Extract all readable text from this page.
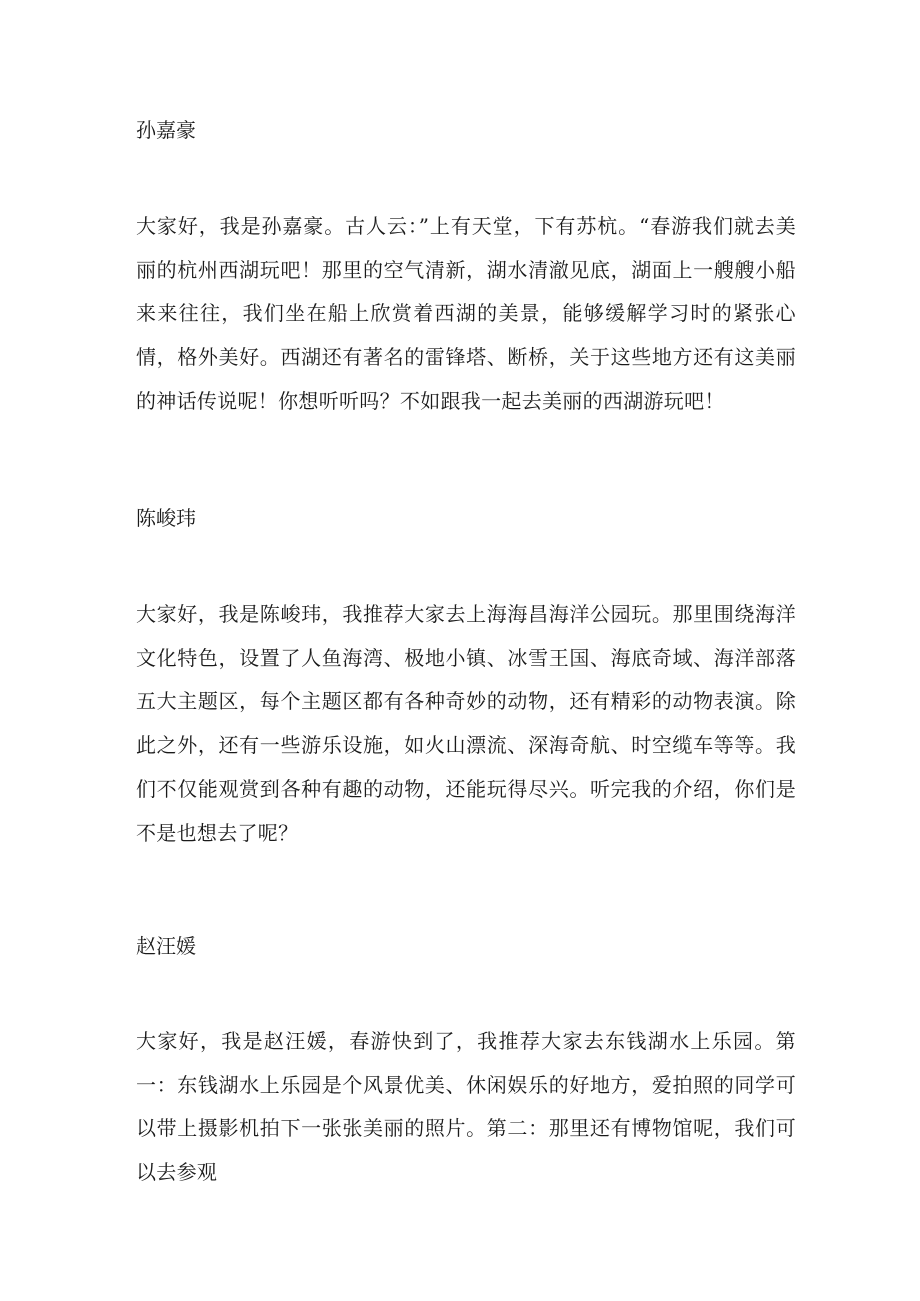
孙嘉豪

大家好，我是孙嘉豪。古人云：”上有天堂，下有苏杭。“春游我们就去美丽的杭州西湖玩吧！那里的空气清新，湖水清澈见底，湖面上一艘艘小船来来往往，我们坐在船上欣赏着西湖的美景，能够缓解学习时的紧张心情，格外美好。西湖还有著名的雷锋塔、断桥，关于这些地方还有这美丽的神话传说呢！你想听听吗？不如跟我一起去美丽的西湖游玩吧！

陈峻玮

大家好，我是陈峻玮，我推荐大家去上海海昌海洋公园玩。那里围绕海洋文化特色，设置了人鱼海湾、极地小镇、冰雪王国、海底奇域、海洋部落五大主题区，每个主题区都有各种奇妙的动物，还有精彩的动物表演。除此之外，还有一些游乐设施，如火山漂流、深海奇航、时空缆车等等。我们不仅能观赏到各种有趣的动物，还能玩得尽兴。听完我的介绍，你们是不是也想去了呢？

赵汪媛

大家好，我是赵汪媛，春游快到了，我推荐大家去东钱湖水上乐园。第一：东钱湖水上乐园是个风景优美、休闲娱乐的好地方，爱拍照的同学可以带上摄影机拍下一张张美丽的照片。第二：那里还有博物馆呢，我们可以去参观
